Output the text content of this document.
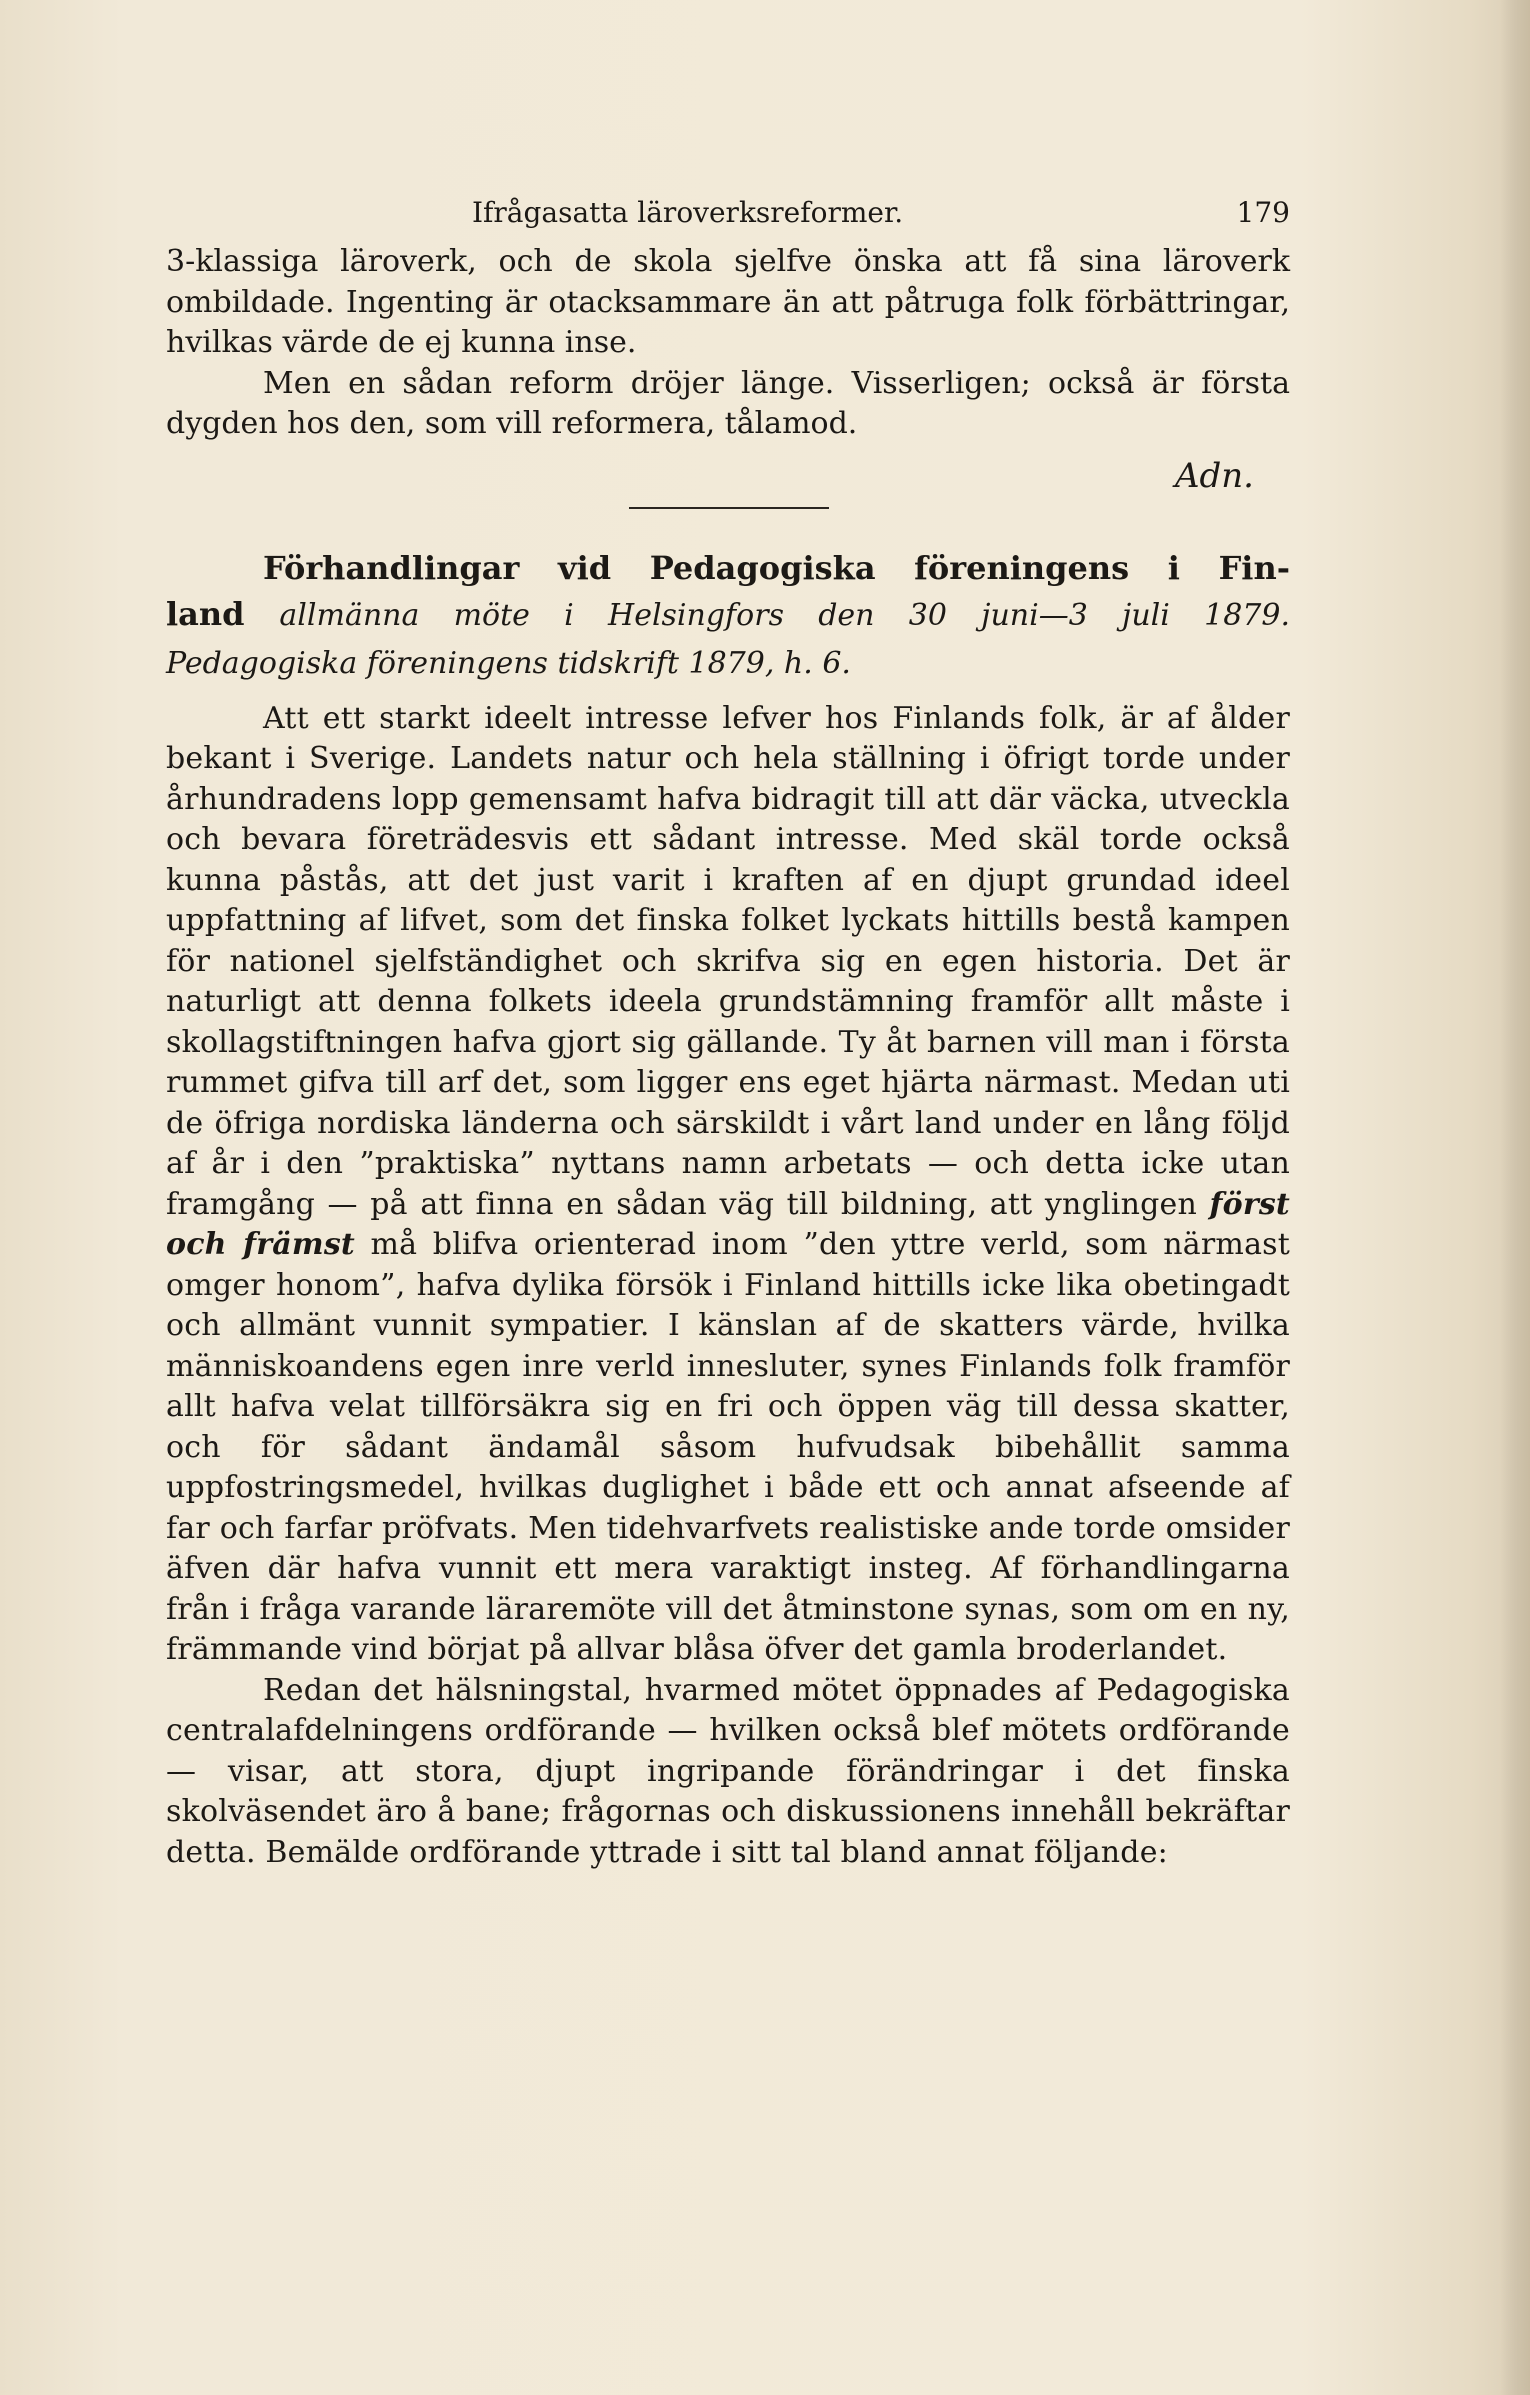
Ifrågasatta läroverksreformer.	179

3-klassiga läroverk, och de skola sjelfve önska att få sina läroverk ombildade. Ingenting är otacksammare än att påtruga folk förbättringar, hvilkas värde de ej kunna inse.

Men en sådan reform dröjer länge. Visserligen; också är första dygden hos den, som vill reformera, tålamod.

Adn.

Förhandlingar vid Pedagogiska föreningens i Fin-
land allmänna möte i Helsingfors den 30 juni—3 juli 1879.
Pedagogiska föreningens tidskrift 1879, h. 6.

Att ett starkt ideelt intresse lefver hos Finlands folk, är af ålder bekant i Sverige. Landets natur och hela ställning i öfrigt torde under århundradens lopp gemensamt hafva bidragit till att där väcka, utveckla och bevara företrädesvis ett sådant intresse. Med skäl torde också kunna påstås, att det just varit i kraften af en djupt grundad ideel uppfattning af lifvet, som det finska folket lyckats hittills bestå kampen för nationel sjelfständighet och skrifva sig en egen historia. Det är naturligt att denna folkets ideela grundstämning framför allt måste i skollagstiftningen hafva gjort sig gällande. Ty åt barnen vill man i första rummet gifva till arf det, som ligger ens eget hjärta närmast. Medan uti de öfriga nordiska länderna och särskildt i vårt land under en lång följd af år i den ”praktiska” nyttans namn arbetats — och detta icke utan framgång — på att finna en sådan väg till bildning, att ynglingen först och främst må blifva orienterad inom ”den yttre verld, som närmast omger honom”, hafva dylika försök i Finland hittills icke lika obetingadt och allmänt vunnit sympatier. I känslan af de skatters värde, hvilka människoandens egen inre verld innesluter, synes Finlands folk framför allt hafva velat tillförsäkra sig en fri och öppen väg till dessa skatter, och för sådant ändamål såsom hufvudsak bibehållit samma uppfostringsmedel, hvilkas duglighet i både ett och annat afseende af far och farfar pröfvats. Men tidehvarfvets realistiske ande torde omsider äfven där hafva vunnit ett mera varaktigt insteg. Af förhandlingarna från i fråga varande läraremöte vill det åtminstone synas, som om en ny, främmande vind börjat på allvar blåsa öfver det gamla broderlandet.

Redan det hälsningstal, hvarmed mötet öppnades af Pedagogiska centralafdelningens ordförande — hvilken också blef mötets ordförande — visar, att stora, djupt ingripande förändringar i det finska skolväsendet äro å bane; frågornas och diskussionens innehåll bekräftar detta. Bemälde ordförande yttrade i sitt tal bland annat följande:
